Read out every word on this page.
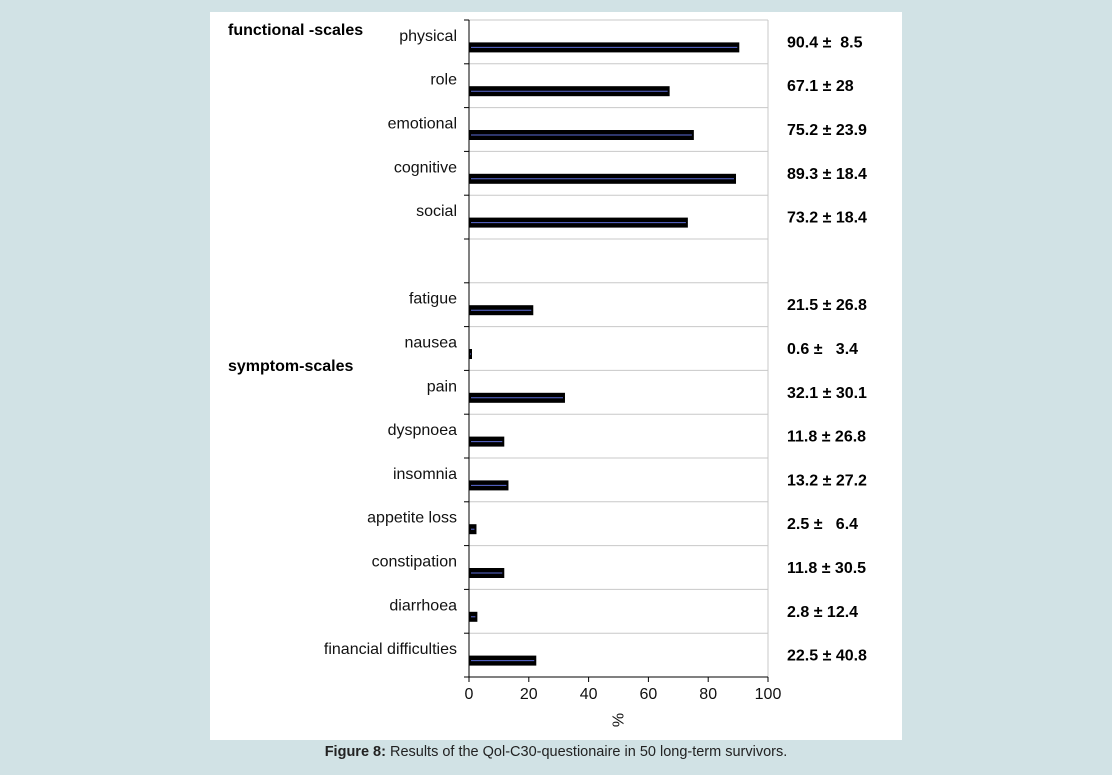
0	20	40	60	80 100
%
physical	90.4 ±  8.5
role	67.1 ± 28
emotional	75.2 ± 23.9
cognitive	89.3 ± 18.4
social	73.2 ± 18.4
fatigue	21.5 ± 26.8
nausea	0.6 ±   3.4
pain	32.1 ± 30.1
dyspnoea	11.8 ± 26.8
insomnia	13.2 ± 27.2
appetite loss	2.5 ±   6.4
constipation	11.8 ± 30.5
diarrhoea	2.8 ± 12.4
financial difficulties	22.5 ± 40.8
functional -scales
symptom-scales
Figure 8: Results of the Qol-C30-questionaire in 50 long-term survivors.
